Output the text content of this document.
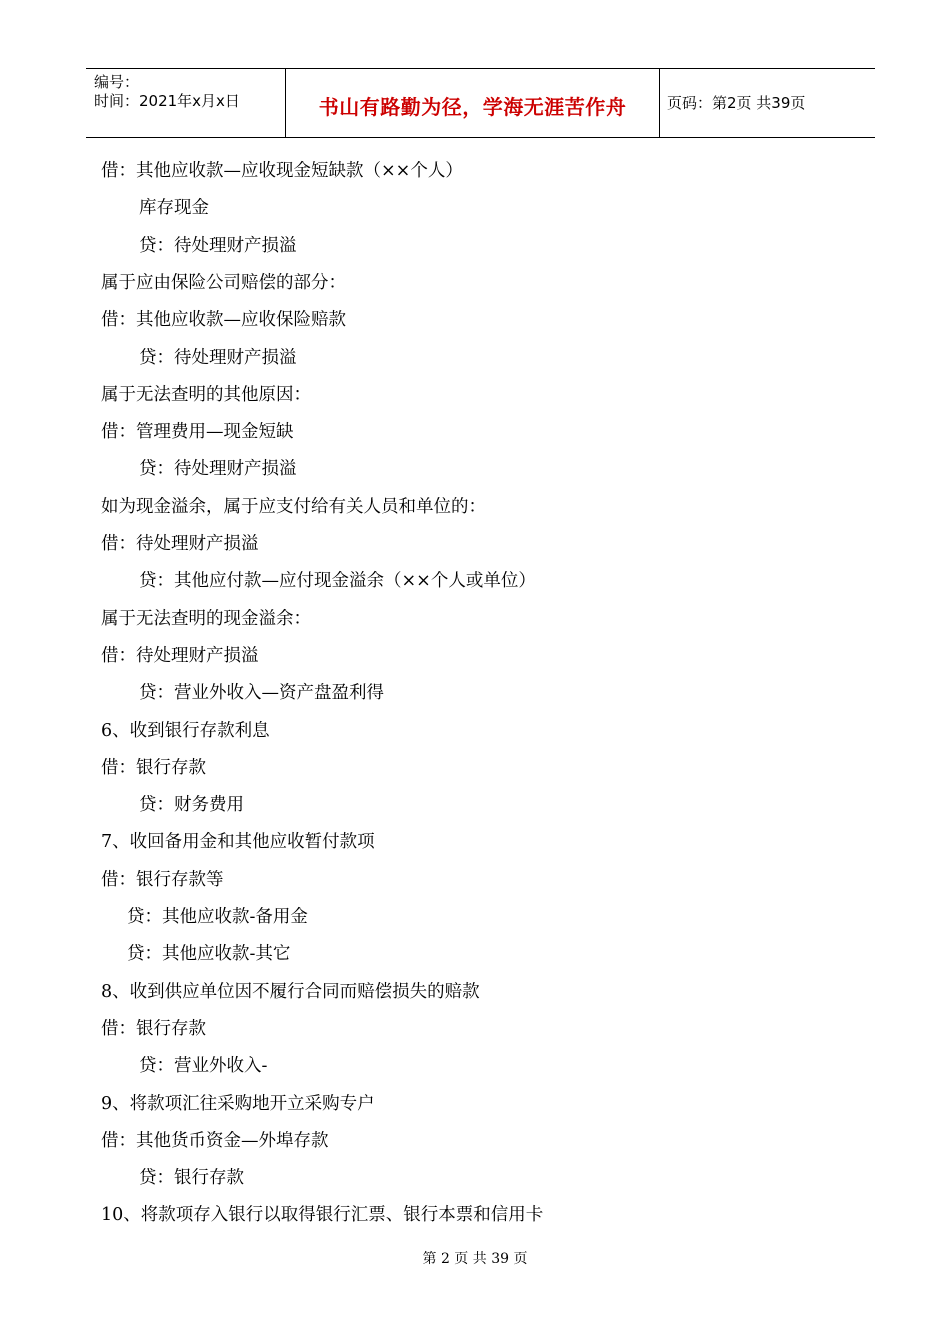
编号：
时间：2021年x月x日	书山有路勤为径，学海无涯苦作舟	页码：第2页 共39页
借：其他应收款—应收现金短缺款（××个人）
库存现金
贷：待处理财产损溢
属于应由保险公司赔偿的部分：
借：其他应收款—应收保险赔款
贷：待处理财产损溢
属于无法查明的其他原因：
借：管理费用—现金短缺
贷：待处理财产损溢
如为现金溢余，属于应支付给有关人员和单位的：
借：待处理财产损溢
贷：其他应付款—应付现金溢余（××个人或单位）
属于无法查明的现金溢余：
借：待处理财产损溢
贷：营业外收入—资产盘盈利得
6、收到银行存款利息
借：银行存款
贷：财务费用
7、收回备用金和其他应收暂付款项
借：银行存款等
贷：其他应收款-备用金
贷：其他应收款-其它
8、收到供应单位因不履行合同而赔偿损失的赔款
借：银行存款
贷：营业外收入-
9、将款项汇往采购地开立采购专户
借：其他货币资金—外埠存款
贷：银行存款
10、将款项存入银行以取得银行汇票、银行本票和信用卡
第 2 页 共 39 页
